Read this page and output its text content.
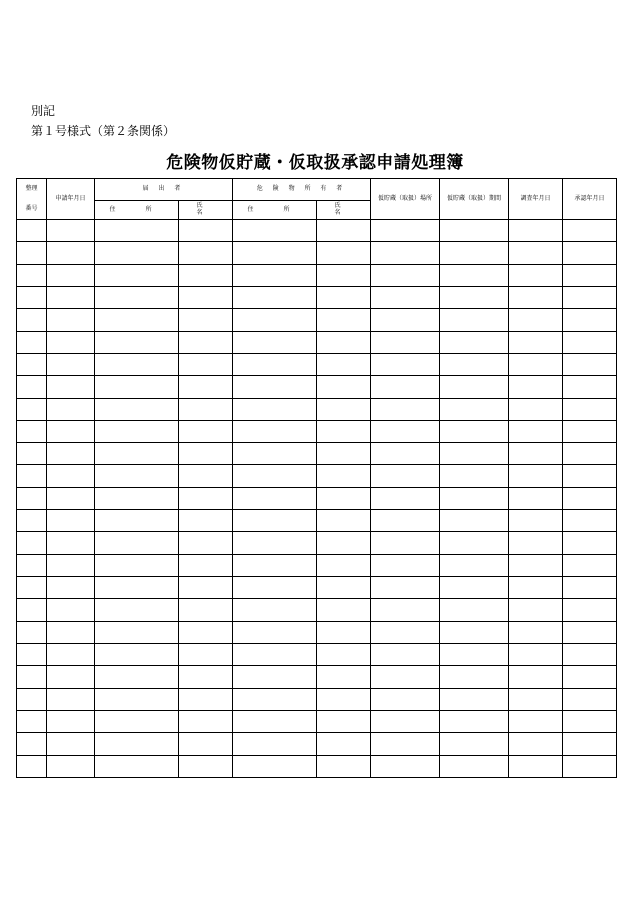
別記
第１号様式（第２条関係）
危険物仮貯蔵・仮取扱承認申請処理簿
整理

番号	申請年月日	届 出 者		危 険 物 所 有 者		仮貯蔵（取扱）場所	仮貯蔵（取扱）期間	調査年月日	承認年月日
		住　所	氏　名	住　所	氏　名				
